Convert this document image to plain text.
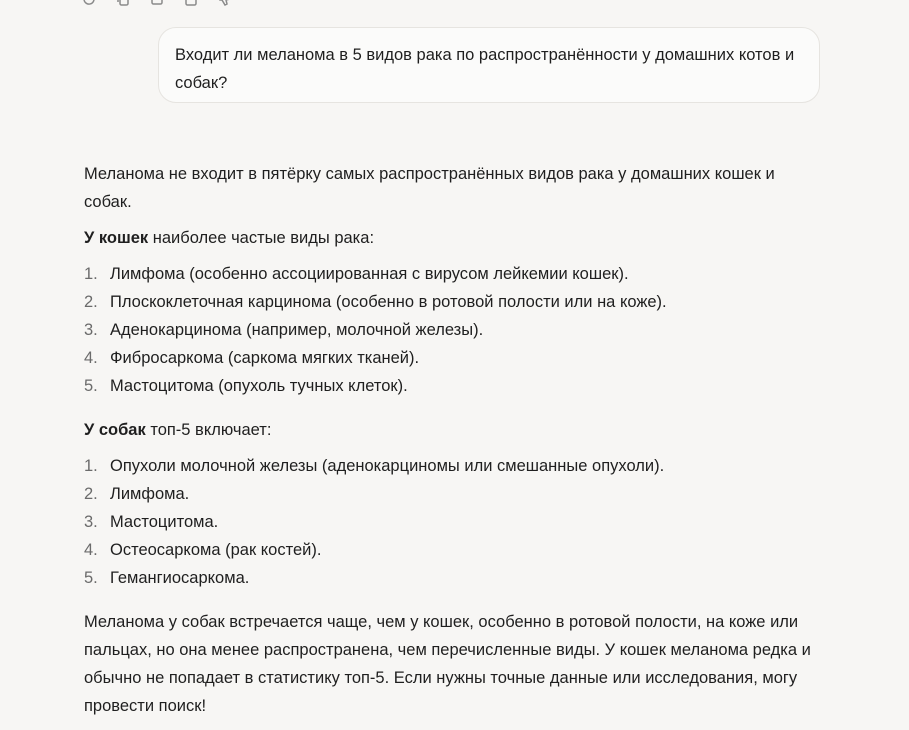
Входит ли меланома в 5 видов рака по распространённости у домашних котов и собак?

Меланома не входит в пятёрку самых распространённых видов рака у домашних кошек и собак.

У кошек наиболее частые виды рака:

1. Лимфома (особенно ассоциированная с вирусом лейкемии кошек).
2. Плоскоклеточная карцинома (особенно в ротовой полости или на коже).
3. Аденокарцинома (например, молочной железы).
4. Фибросаркома (саркома мягких тканей).
5. Мастоцитома (опухоль тучных клеток).

У собак топ-5 включает:

1. Опухоли молочной железы (аденокарциномы или смешанные опухоли).
2. Лимфома.
3. Мастоцитома.
4. Остеосаркома (рак костей).
5. Гемангиосаркома.

Меланома у собак встречается чаще, чем у кошек, особенно в ротовой полости, на коже или пальцах, но она менее распространена, чем перечисленные виды. У кошек меланома редка и обычно не попадает в статистику топ-5. Если нужны точные данные или исследования, могу провести поиск!
